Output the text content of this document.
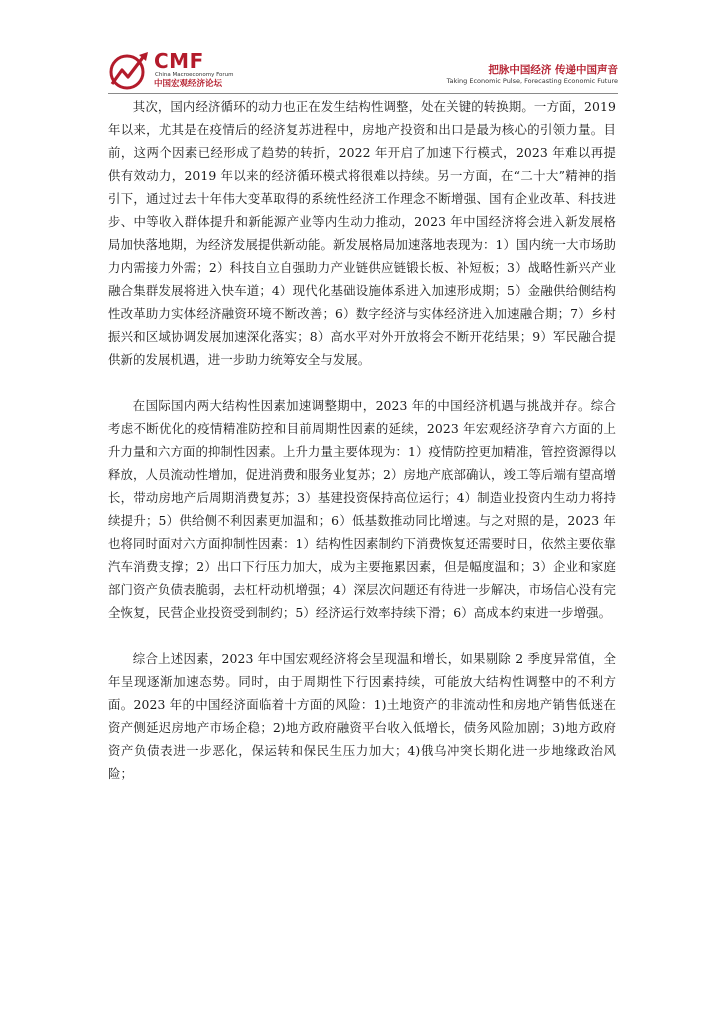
CMF
China Macroeconomy Forum
中国宏观经济论坛
把脉中国经济 传递中国声音
Taking Economic Pulse, Forecasting Economic Future

其次，国内经济循环的动力也正在发生结构性调整，处在关键的转换期。一方面，2019年以来，尤其是在疫情后的经济复苏进程中，房地产投资和出口是最为核心的引领力量。目前，这两个因素已经形成了趋势的转折，2022 年开启了加速下行模式，2023 年难以再提供有效动力，2019 年以来的经济循环模式将很难以持续。另一方面，在“二十大”精神的指引下，通过过去十年伟大变革取得的系统性经济工作理念不断增强、国有企业改革、科技进步、中等收入群体提升和新能源产业等内生动力推动，2023 年中国经济将会进入新发展格局加快落地期，为经济发展提供新动能。新发展格局加速落地表现为：1）国内统一大市场助力内需接力外需；2）科技自立自强助力产业链供应链锻长板、补短板；3）战略性新兴产业融合集群发展将进入快车道；4）现代化基础设施体系进入加速形成期；5）金融供给侧结构性改革助力实体经济融资环境不断改善；6）数字经济与实体经济进入加速融合期；7）乡村振兴和区域协调发展加速深化落实；8）高水平对外开放将会不断开花结果；9）军民融合提供新的发展机遇，进一步助力统筹安全与发展。

在国际国内两大结构性因素加速调整期中，2023 年的中国经济机遇与挑战并存。综合考虑不断优化的疫情精准防控和目前周期性因素的延续，2023 年宏观经济孕育六方面的上升力量和六方面的抑制性因素。上升力量主要体现为：1）疫情防控更加精准，管控资源得以释放，人员流动性增加，促进消费和服务业复苏；2）房地产底部确认，竣工等后端有望高增长，带动房地产后周期消费复苏；3）基建投资保持高位运行；4）制造业投资内生动力将持续提升；5）供给侧不利因素更加温和；6）低基数推动同比增速。与之对照的是，2023 年也将同时面对六方面抑制性因素：1）结构性因素制约下消费恢复还需要时日，依然主要依靠汽车消费支撑；2）出口下行压力加大，成为主要拖累因素，但是幅度温和；3）企业和家庭部门资产负债表脆弱，去杠杆动机增强；4）深层次问题还有待进一步解决，市场信心没有完全恢复，民营企业投资受到制约；5）经济运行效率持续下滑；6）高成本约束进一步增强。

综合上述因素，2023 年中国宏观经济将会呈现温和增长，如果剔除 2 季度异常值，全年呈现逐渐加速态势。同时，由于周期性下行因素持续，可能放大结构性调整中的不利方面。2023 年的中国经济面临着十方面的风险：1)土地资产的非流动性和房地产销售低迷在资产侧延迟房地产市场企稳；2)地方政府融资平台收入低增长，债务风险加剧；3)地方政府资产负债表进一步恶化，保运转和保民生压力加大；4)俄乌冲突长期化进一步地缘政治风险；
